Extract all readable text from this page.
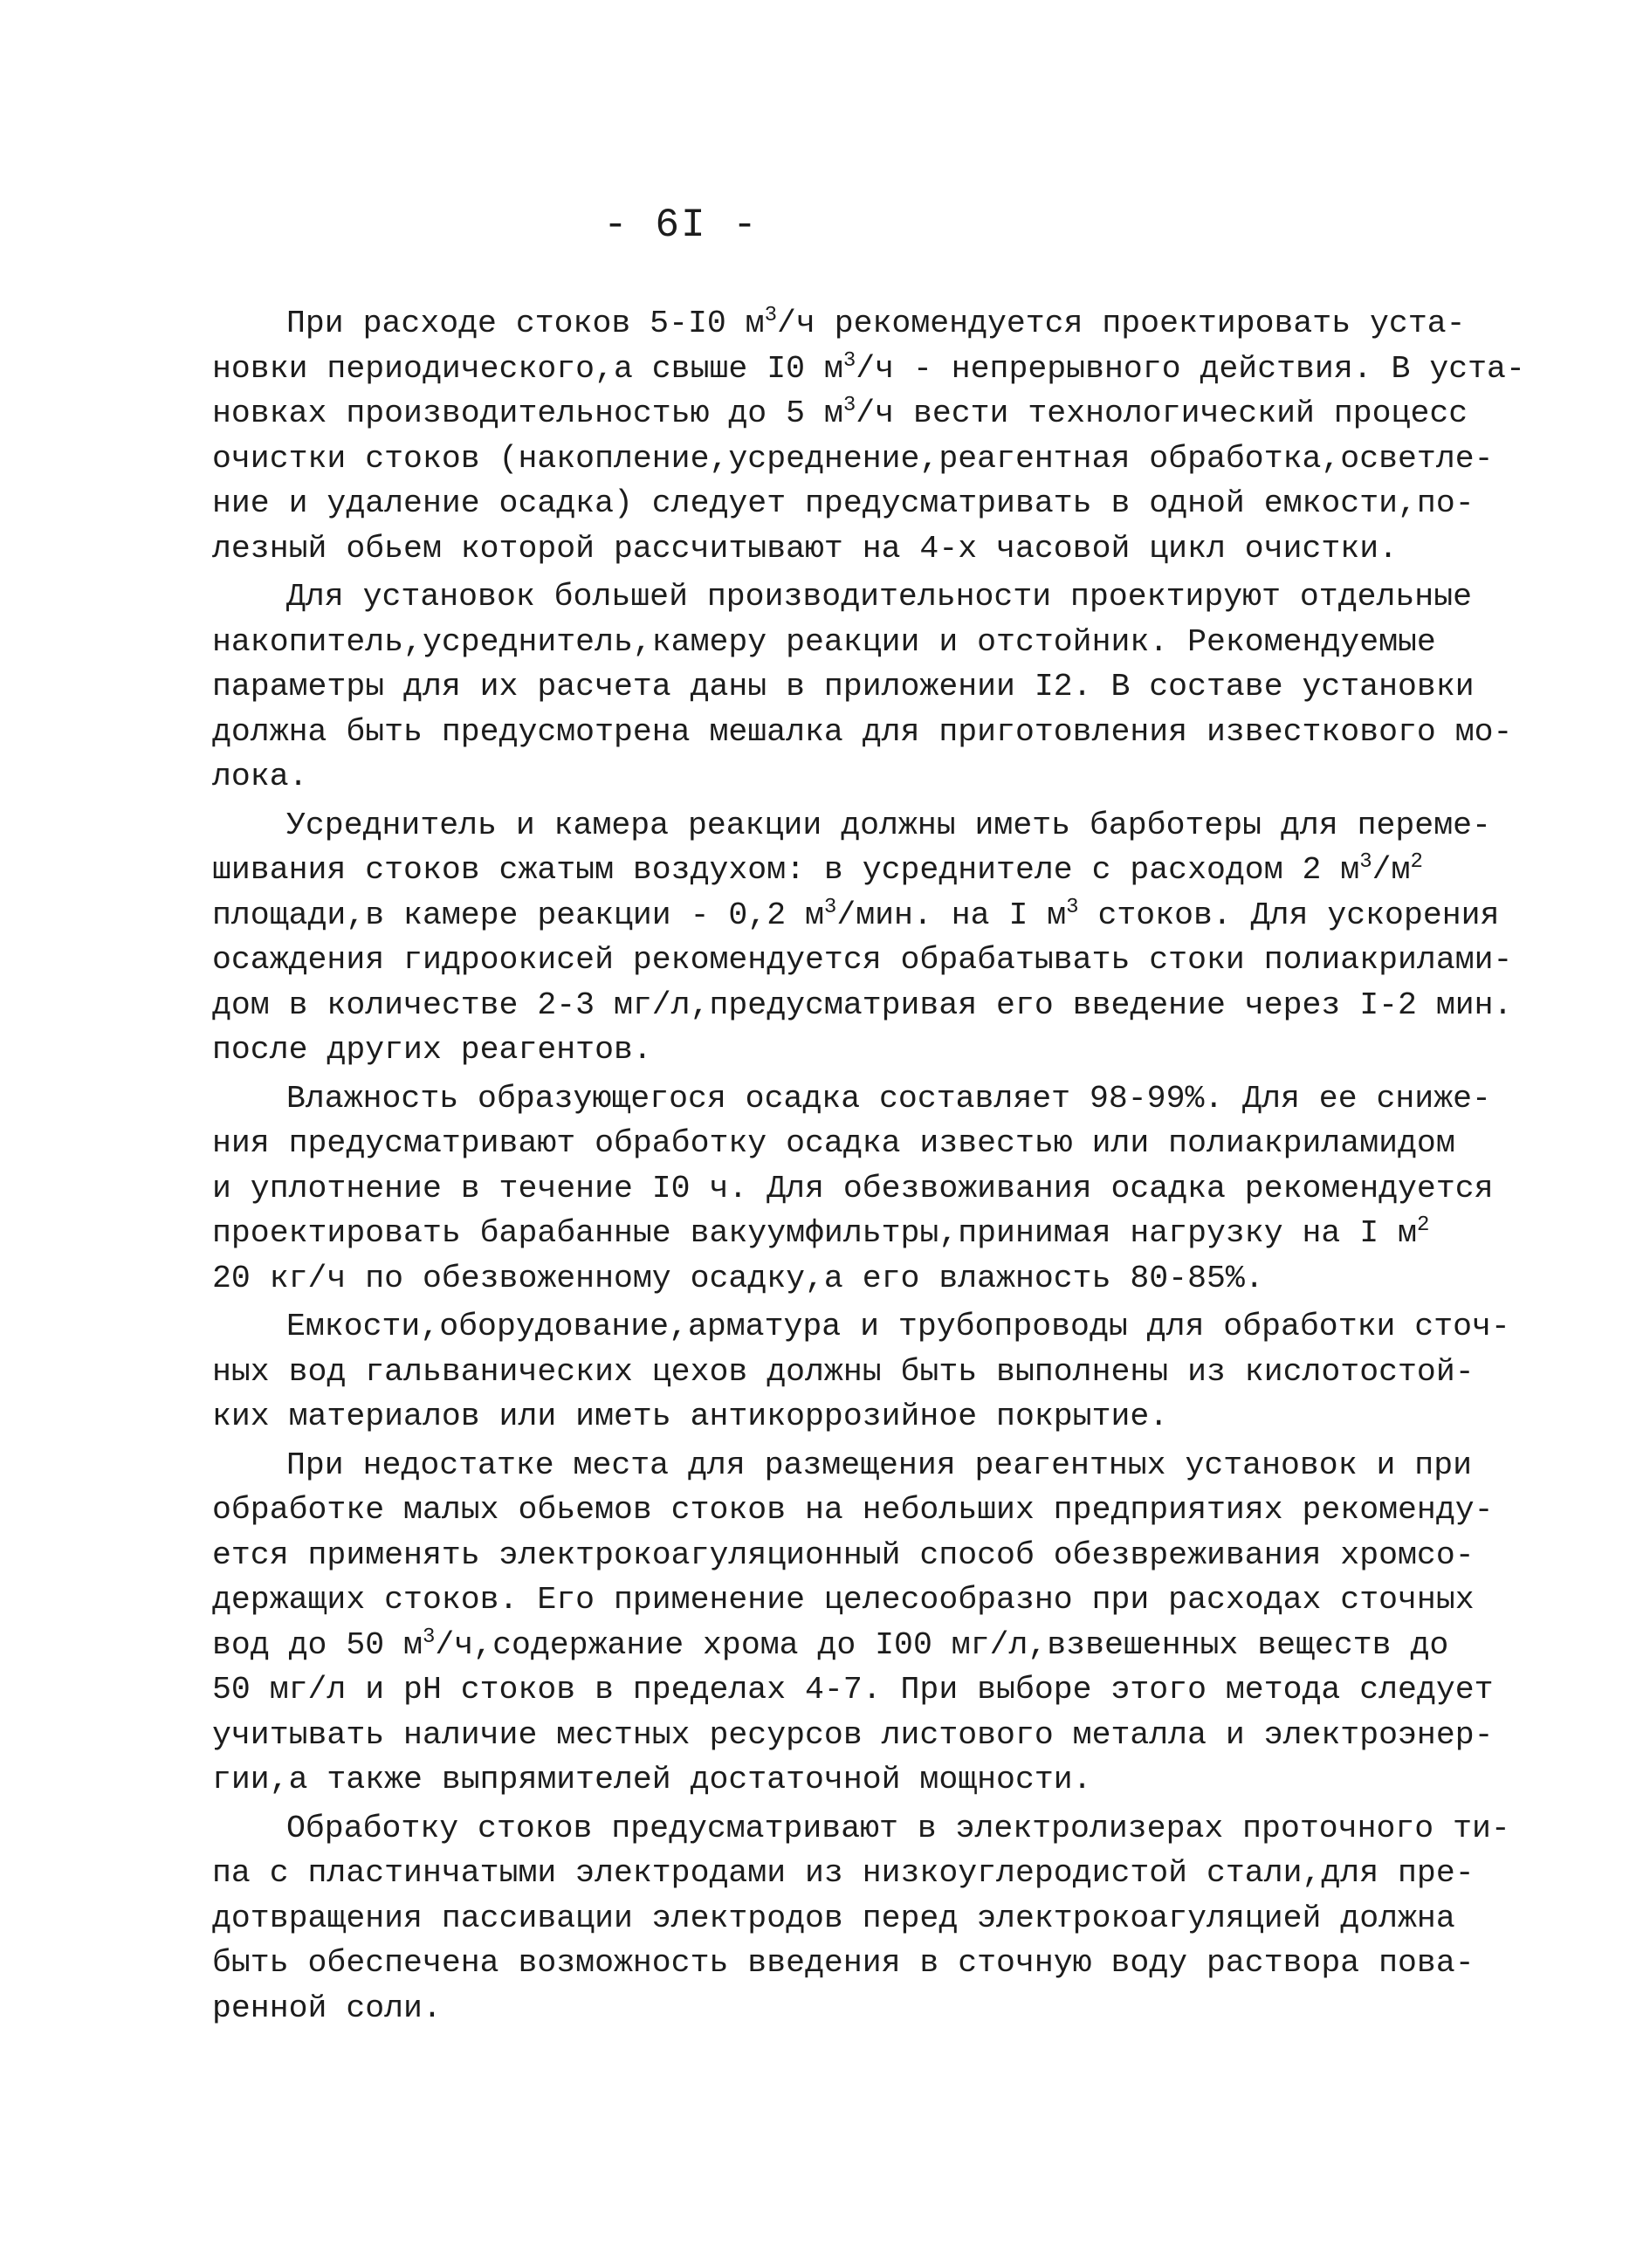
- 6I -
При расходе стоков 5-I0 $м^3/ч$ рекомендуется проектировать уста-
новки периодического,а свыше I0 $м^3/ч$ - непрерывного действия. В уста-
новках производительностью до 5 $м^3/ч$ вести технологический процесс
очистки стоков (накопление,усреднение,реагентная обработка,осветле-
ние и удаление осадка) следует предусматривать в одной емкости,по-
лезный обьем которой рассчитывают на 4-х часовой цикл очистки.
Для установок большей производительности проектируют отдельные
накопитель,усреднитель,камеру реакции и отстойник. Рекомендуемые
параметры для их расчета даны в приложении I2. В составе установки
должна быть предусмотрена мешалка для приготовления известкового мо-
лока.
Усреднитель и камера реакции должны иметь барботеры для переме-
шивания стоков сжатым воздухом: в усреднителе с расходом 2 $м^3/м^2$
площади,в камере реакции - 0,2 $м^3$/мин. на I $м^3$ стоков. Для ускорения
осаждения гидроокисей рекомендуется обрабатывать стоки полиакрилами-
дом в количестве 2-3 мг/л,предусматривая его введение через I-2 мин.
после других реагентов.
Влажность образующегося осадка составляет 98-99%. Для ее сниже-
ния предусматривают обработку осадка известью или полиакриламидом
и уплотнение в течение I0 ч. Для обезвоживания осадка рекомендуется
проектировать барабанные вакуумфильтры,принимая нагрузку на I $м^2$
20 кг/ч по обезвоженному осадку,а его влажность 80-85%.
Емкости,оборудование,арматура и трубопроводы для обработки сточ-
ных вод гальванических цехов должны быть выполнены из кислотостой-
ких материалов или иметь антикоррозийное покрытие.
При недостатке места для размещения реагентных установок и при
обработке малых обьемов стоков на небольших предприятиях рекоменду-
ется применять электрокоагуляционный способ обезвреживания хромсо-
держащих стоков. Его применение целесообразно при расходах сточных
вод до 50 $м^3/ч,содержание$ хрома до I00 мг/л,взвешенных веществ до
50 мг/л и pH стоков в пределах 4-7. При выборе этого метода следует
учитывать наличие местных ресурсов листового металла и электроэнер-
гии,а также выпрямителей достаточной мощности.
Обработку стоков предусматривают в электролизерах проточного ти-
па с пластинчатыми электродами из низкоуглеродистой стали,для пре-
дотвращения пассивации электродов перед электрокоагуляцией должна
быть обеспечена возможность введения в сточную воду раствора пова-
ренной соли.
